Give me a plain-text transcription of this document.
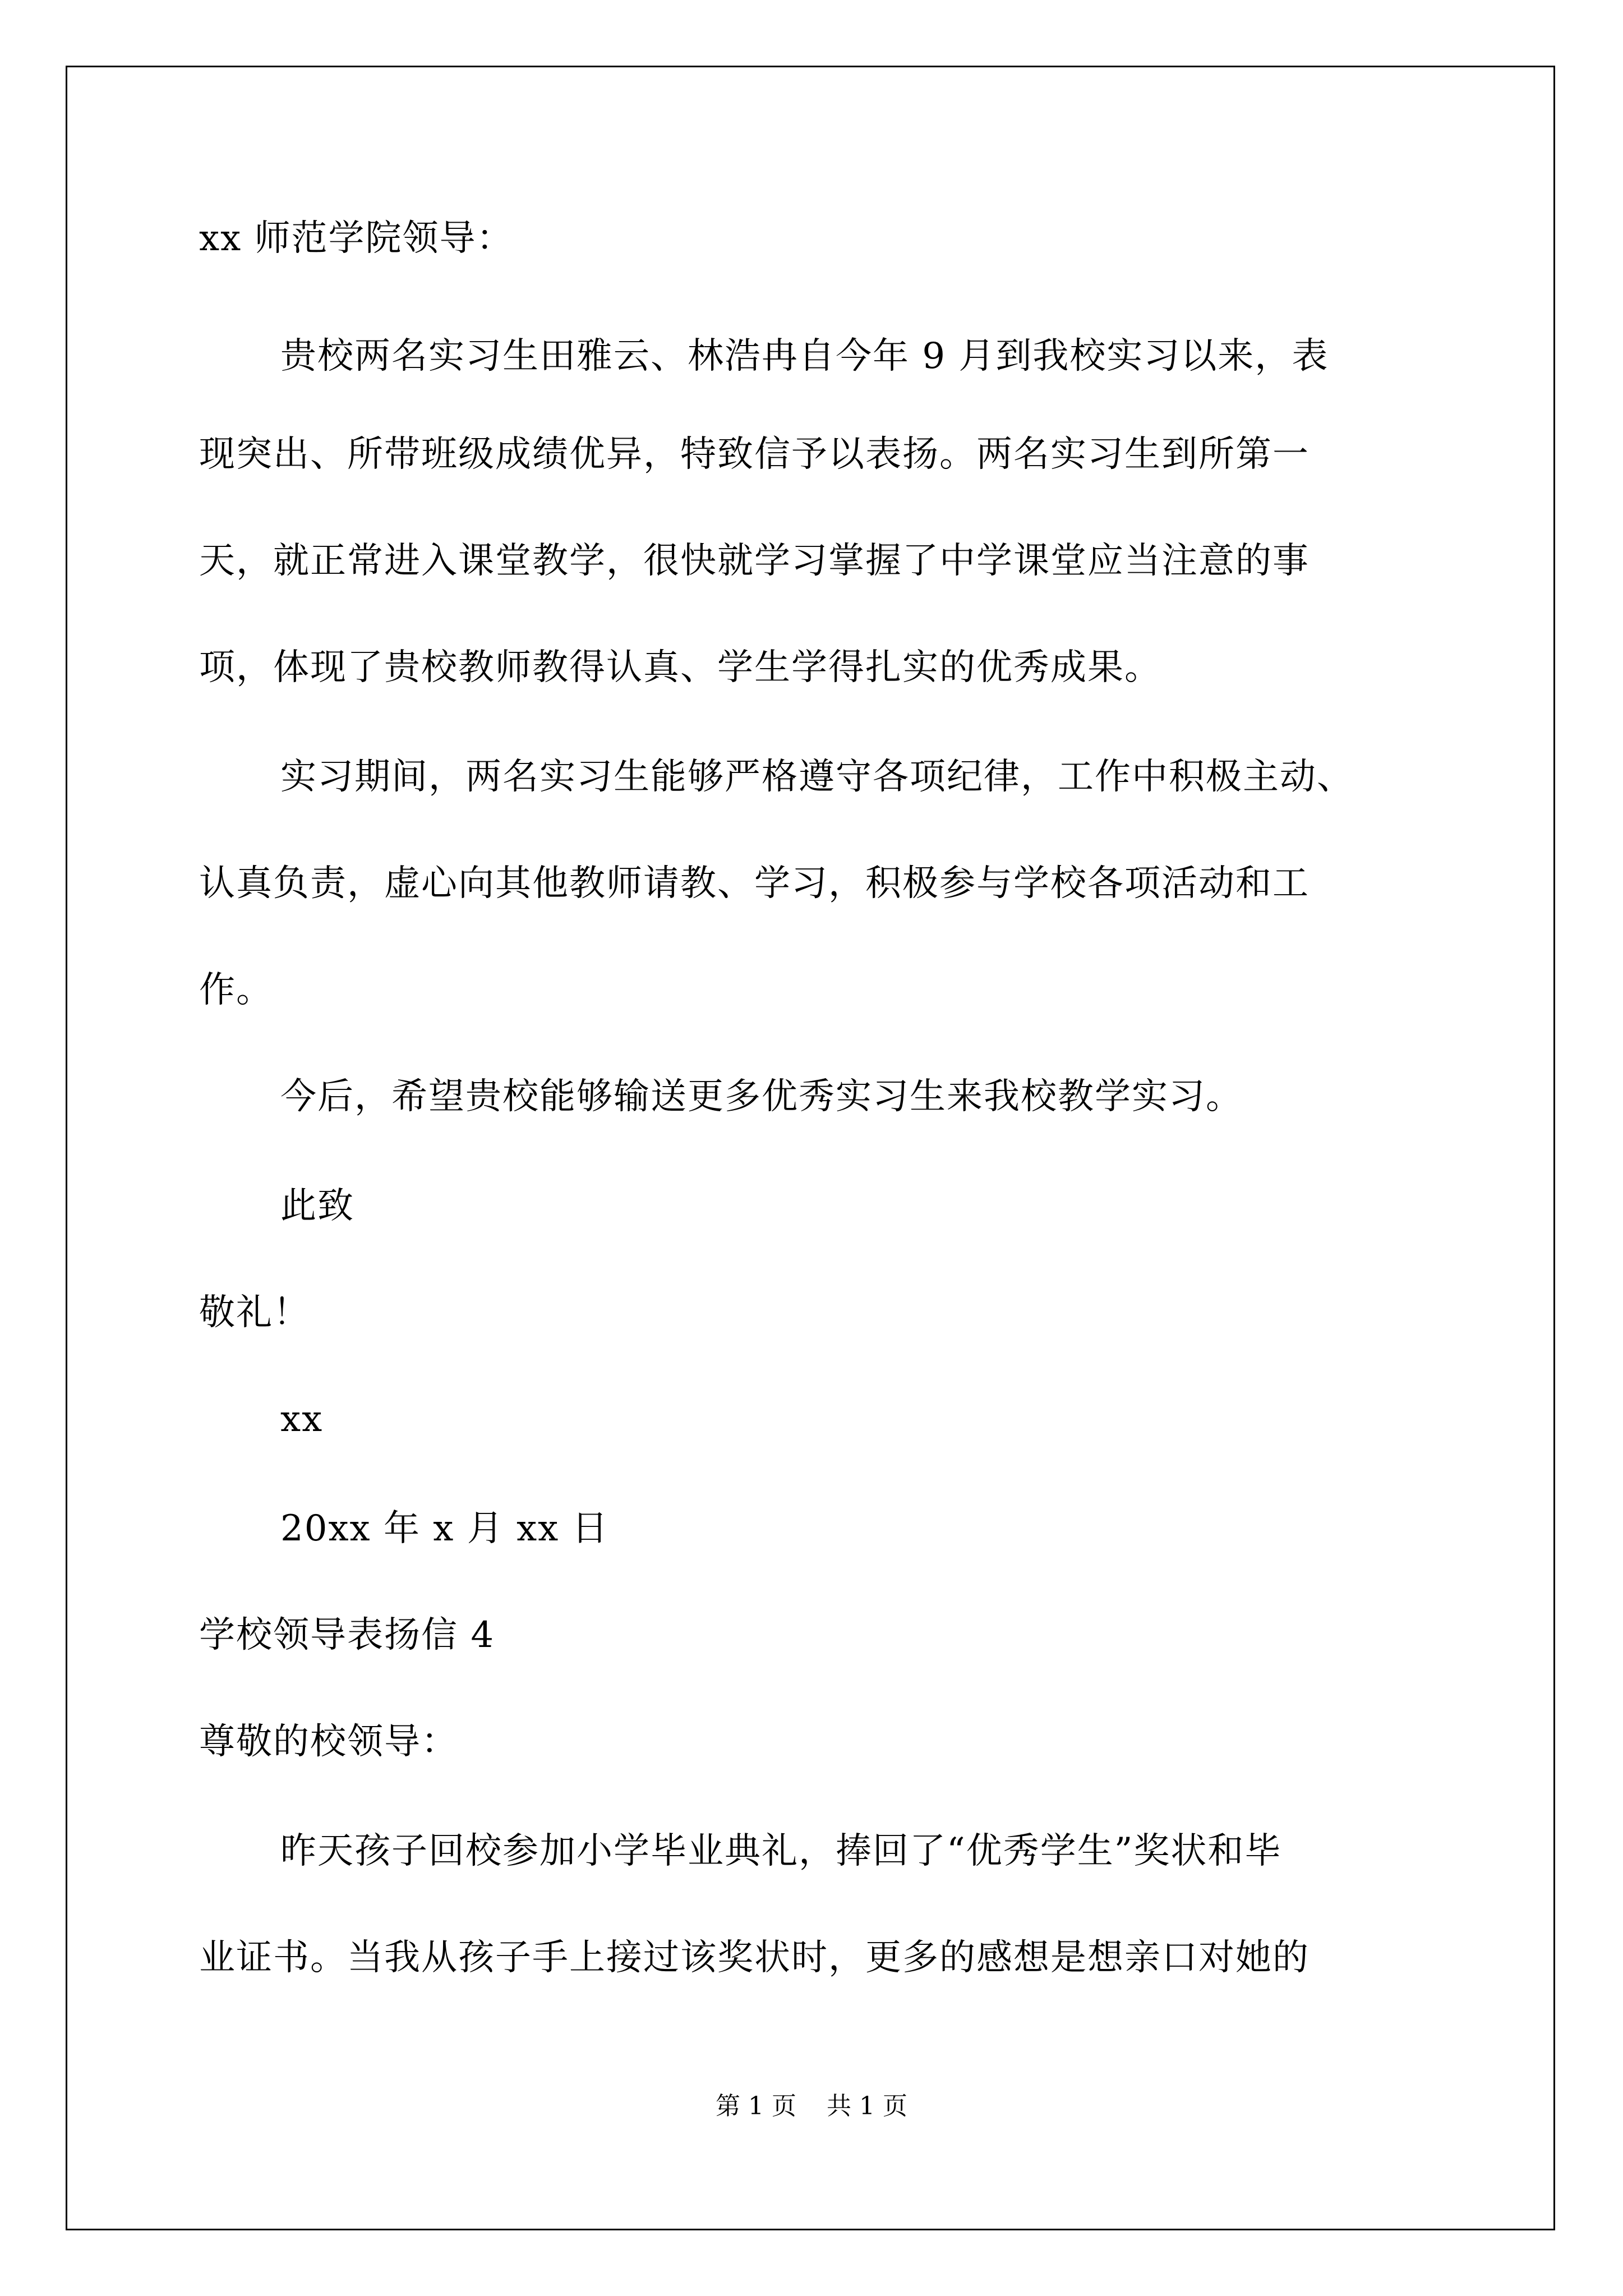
xx 师范学院领导：
贵校两名实习生田雅云、林浩冉自今年 9 月到我校实习以来，表
现突出、所带班级成绩优异，特致信予以表扬。两名实习生到所第一
天，就正常进入课堂教学，很快就学习掌握了中学课堂应当注意的事
项，体现了贵校教师教得认真、学生学得扎实的优秀成果。
实习期间，两名实习生能够严格遵守各项纪律，工作中积极主动、
认真负责，虚心向其他教师请教、学习，积极参与学校各项活动和工
作。
今后，希望贵校能够输送更多优秀实习生来我校教学实习。
此致
敬礼！
xx
20xx 年 x 月 xx 日
学校领导表扬信 4
尊敬的校领导：
昨天孩子回校参加小学毕业典礼，捧回了“优秀学生”奖状和毕
业证书。当我从孩子手上接过该奖状时，更多的感想是想亲口对她的
第 1 页 共 1 页
